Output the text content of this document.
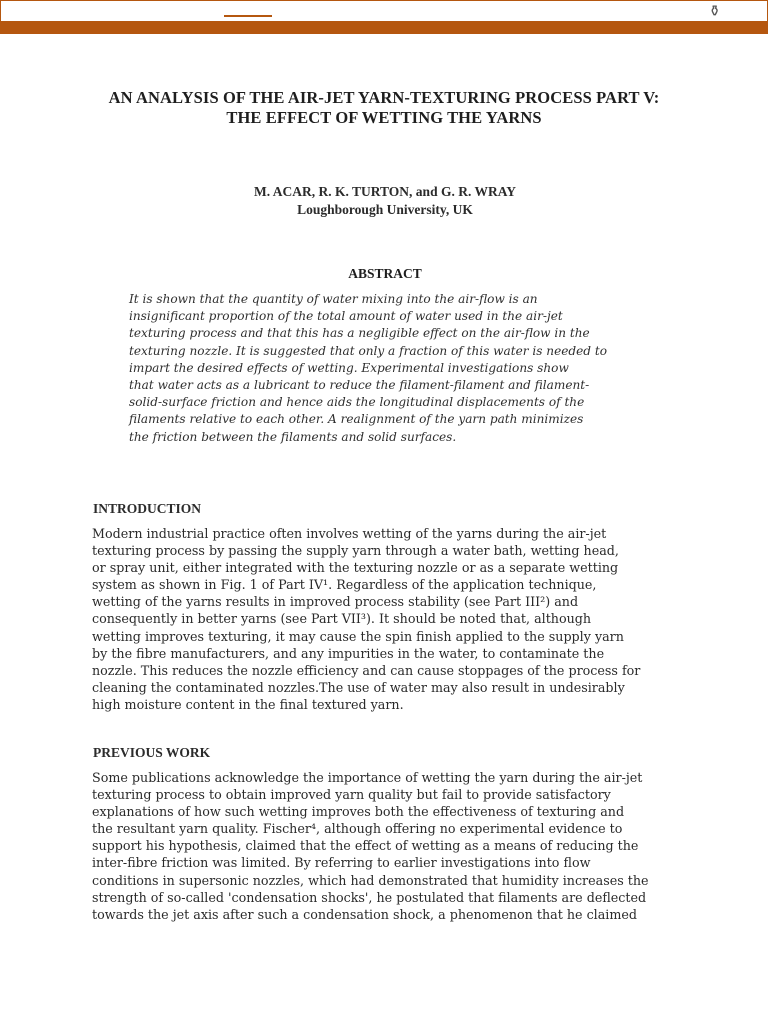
⚱
AN ANALYSIS OF THE AIR-JET YARN-TEXTURING PROCESS PART V:
THE EFFECT OF WETTING THE YARNS
M. ACAR, R. K. TURTON, and G. R. WRAY
Loughborough University, UK
ABSTRACT
It is shown that the quantity of water mixing into the air-flow is an
insignificant proportion of the total amount of water used in the air-jet
texturing process and that this has a negligible effect on the air-flow in the
texturing nozzle. It is suggested that only a fraction of this water is needed to
impart the desired effects of wetting. Experimental investigations show
that water acts as a lubricant to reduce the filament-filament and filament-
solid-surface friction and hence aids the longitudinal displacements of the
filaments relative to each other. A realignment of the yarn path minimizes
the friction between the filaments and solid surfaces.
INTRODUCTION
Modern industrial practice often involves wetting of the yarns during the air-jet
texturing process by passing the supply yarn through a water bath, wetting head,
or spray unit, either integrated with the texturing nozzle or as a separate wetting
system as shown in Fig. 1 of Part IV¹. Regardless of the application technique,
wetting of the yarns results in improved process stability (see Part III²) and
consequently in better yarns (see Part VII³). It should be noted that, although
wetting improves texturing, it may cause the spin finish applied to the supply yarn
by the fibre manufacturers, and any impurities in the water, to contaminate the
nozzle. This reduces the nozzle efficiency and can cause stoppages of the process for
cleaning the contaminated nozzles.The use of water may also result in undesirably
high moisture content in the final textured yarn.
PREVIOUS WORK
Some publications acknowledge the importance of wetting the yarn during the air-jet
texturing process to obtain improved yarn quality but fail to provide satisfactory
explanations of how such wetting improves both the effectiveness of texturing and
the resultant yarn quality. Fischer⁴, although offering no experimental evidence to
support his hypothesis, claimed that the effect of wetting as a means of reducing the
inter-fibre friction was limited. By referring to earlier investigations into flow
conditions in supersonic nozzles, which had demonstrated that humidity increases the
strength of so-called 'condensation shocks', he postulated that filaments are deflected
towards the jet axis after such a condensation shock, a phenomenon that he claimed
